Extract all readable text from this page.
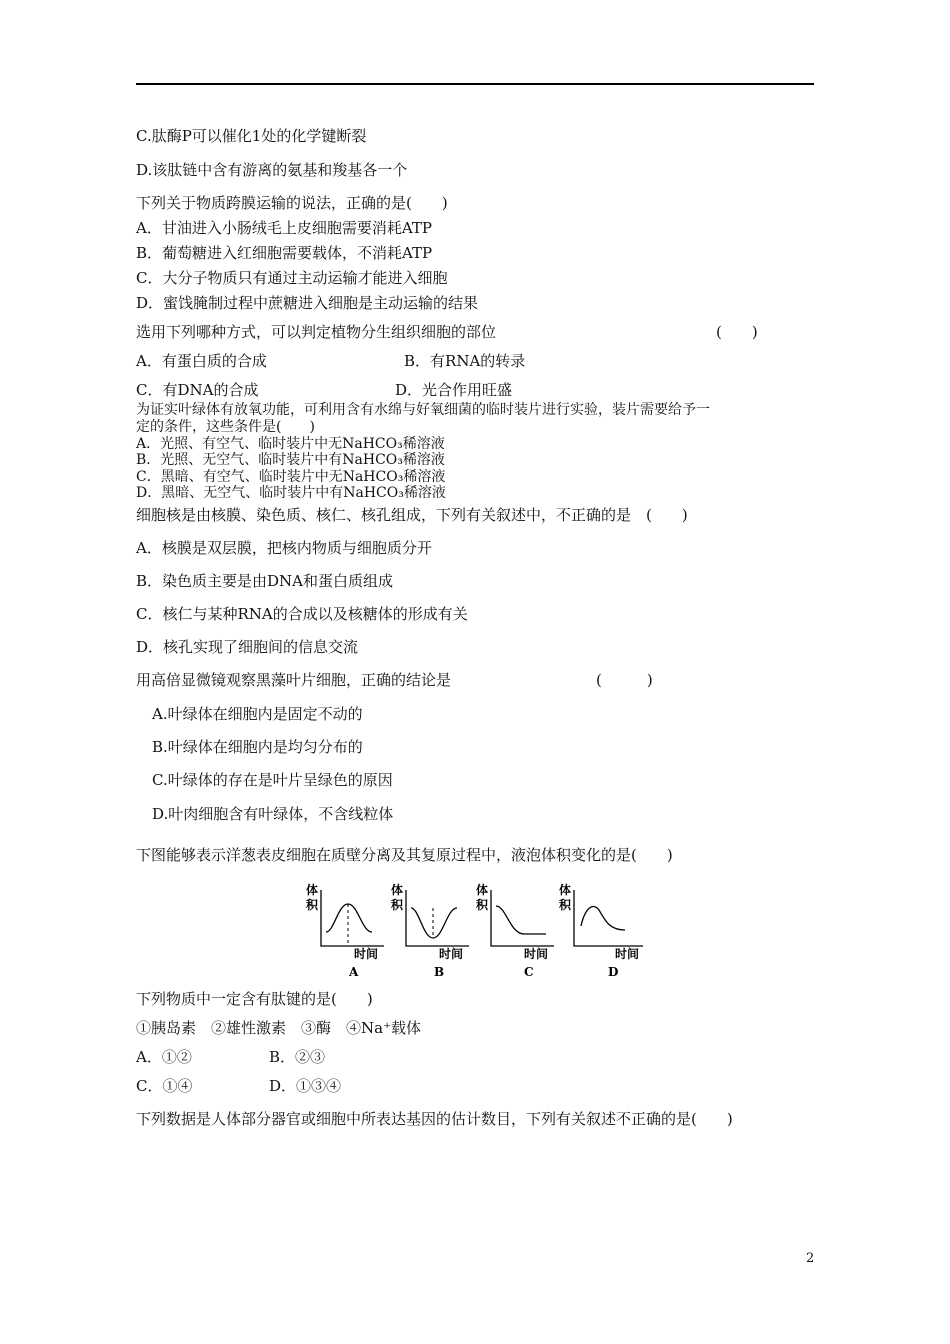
C.肽酶P可以催化1处的化学键断裂
D.该肽链中含有游离的氨基和羧基各一个
下列关于物质跨膜运输的说法，正确的是(　　)
A．甘油进入小肠绒毛上皮细胞需要消耗ATP
B．葡萄糖进入红细胞需要载体，不消耗ATP
C．大分子物质只有通过主动运输才能进入细胞
D．蜜饯腌制过程中蔗糖进入细胞是主动运输的结果
选用下列哪种方式，可以判定植物分生组织细胞的部位	(　　)
A．有蛋白质的合成	B．有RNA的转录
C．有DNA的合成	D．光合作用旺盛
为证实叶绿体有放氧功能，可利用含有水绵与好氧细菌的临时装片进行实验，装片需要给予一
定的条件，这些条件是(　　)
A．光照、有空气、临时装片中无NaHCO₃稀溶液
B．光照、无空气、临时装片中有NaHCO₃稀溶液
C．黑暗、有空气、临时装片中无NaHCO₃稀溶液
D．黑暗、无空气、临时装片中有NaHCO₃稀溶液
细胞核是由核膜、染色质、核仁、核孔组成，下列有关叙述中，不正确的是　(　　)
A．核膜是双层膜，把核内物质与细胞质分开
B．染色质主要是由DNA和蛋白质组成
C．核仁与某种RNA的合成以及核糖体的形成有关
D．核孔实现了细胞间的信息交流
用高倍显微镜观察黑藻叶片细胞，正确的结论是	(　　　)
A.叶绿体在细胞内是固定不动的
B.叶绿体在细胞内是均匀分布的
C.叶绿体的存在是叶片呈绿色的原因
D.叶肉细胞含有叶绿体，不含线粒体
下图能够表示洋葱表皮细胞在质壁分离及其复原过程中，液泡体积变化的是(　　)
体
积
时间
A
体
积
时间
B
体
积
时间
C
体
积
时间
D
下列物质中一定含有肽键的是(　　)
①胰岛素　②雄性激素　③酶　④Na⁺载体
A．①②	B．②③
C．①④	D．①③④
下列数据是人体部分器官或细胞中所表达基因的估计数目，下列有关叙述不正确的是(　　)
2
